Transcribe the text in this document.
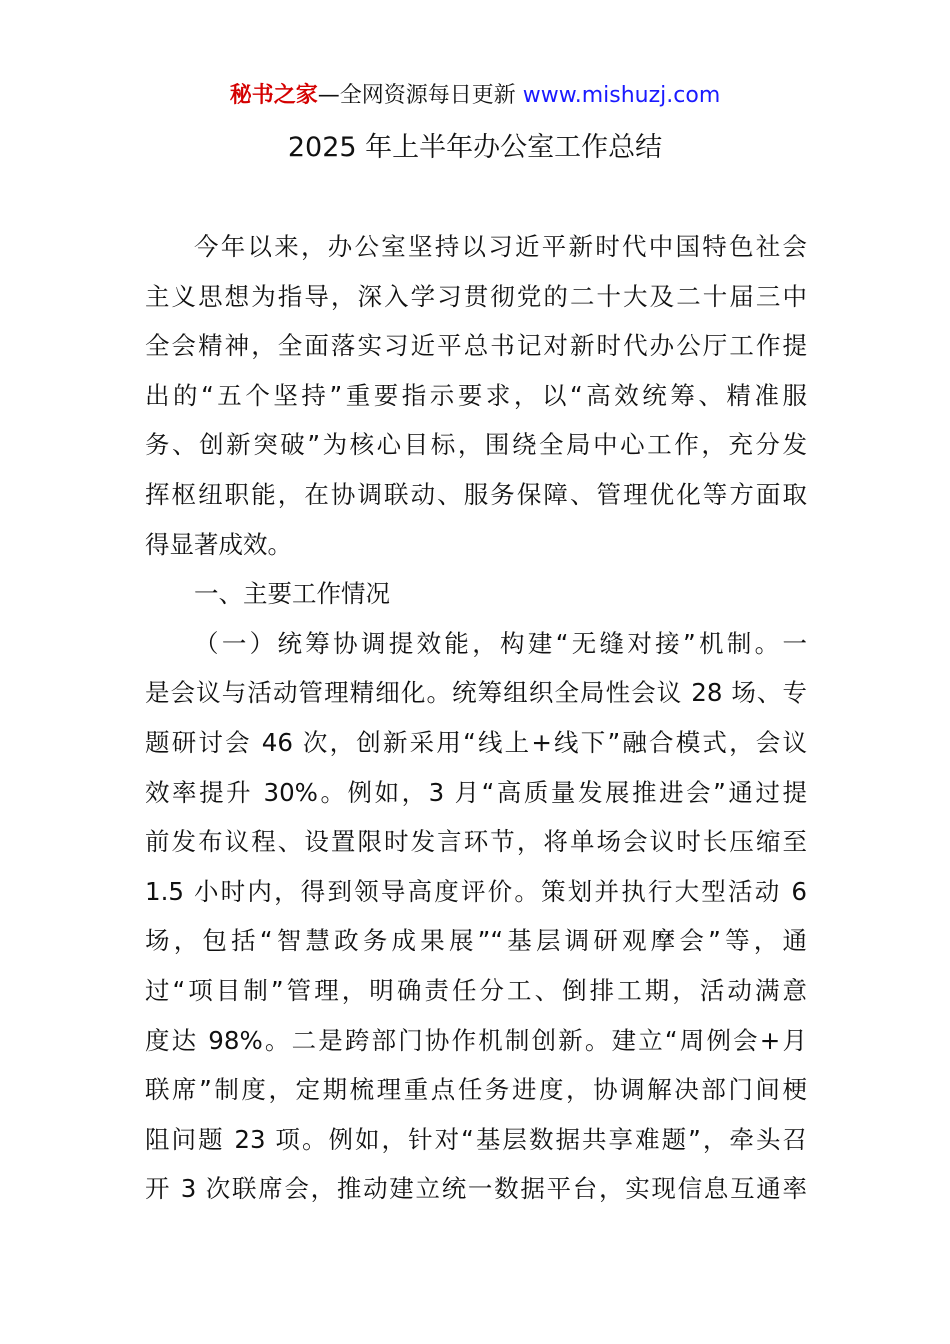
秘书之家—全网资源每日更新 www.mishuzj.com
2025 年上半年办公室工作总结
今年以来，办公室坚持以习近平新时代中国特色社会
主义思想为指导，深入学习贯彻党的二十大及二十届三中
全会精神，全面落实习近平总书记对新时代办公厅工作提
出的“五个坚持”重要指示要求，以“高效统筹、精准服
务、创新突破”为核心目标，围绕全局中心工作，充分发
挥枢纽职能，在协调联动、服务保障、管理优化等方面取
得显著成效。
一、主要工作情况
（一）统筹协调提效能，构建“无缝对接”机制。一
是会议与活动管理精细化。统筹组织全局性会议 28 场、专
题研讨会 46 次，创新采用“线上+线下”融合模式，会议
效率提升 30%。例如，3 月“高质量发展推进会”通过提
前发布议程、设置限时发言环节，将单场会议时长压缩至
1.5 小时内，得到领导高度评价。策划并执行大型活动 6
场，包括“智慧政务成果展”“基层调研观摩会”等，通
过“项目制”管理，明确责任分工、倒排工期，活动满意
度达 98%。二是跨部门协作机制创新。建立“周例会+月
联席”制度，定期梳理重点任务进度，协调解决部门间梗
阻问题 23 项。例如，针对“基层数据共享难题”，牵头召
开 3 次联席会，推动建立统一数据平台，实现信息互通率
